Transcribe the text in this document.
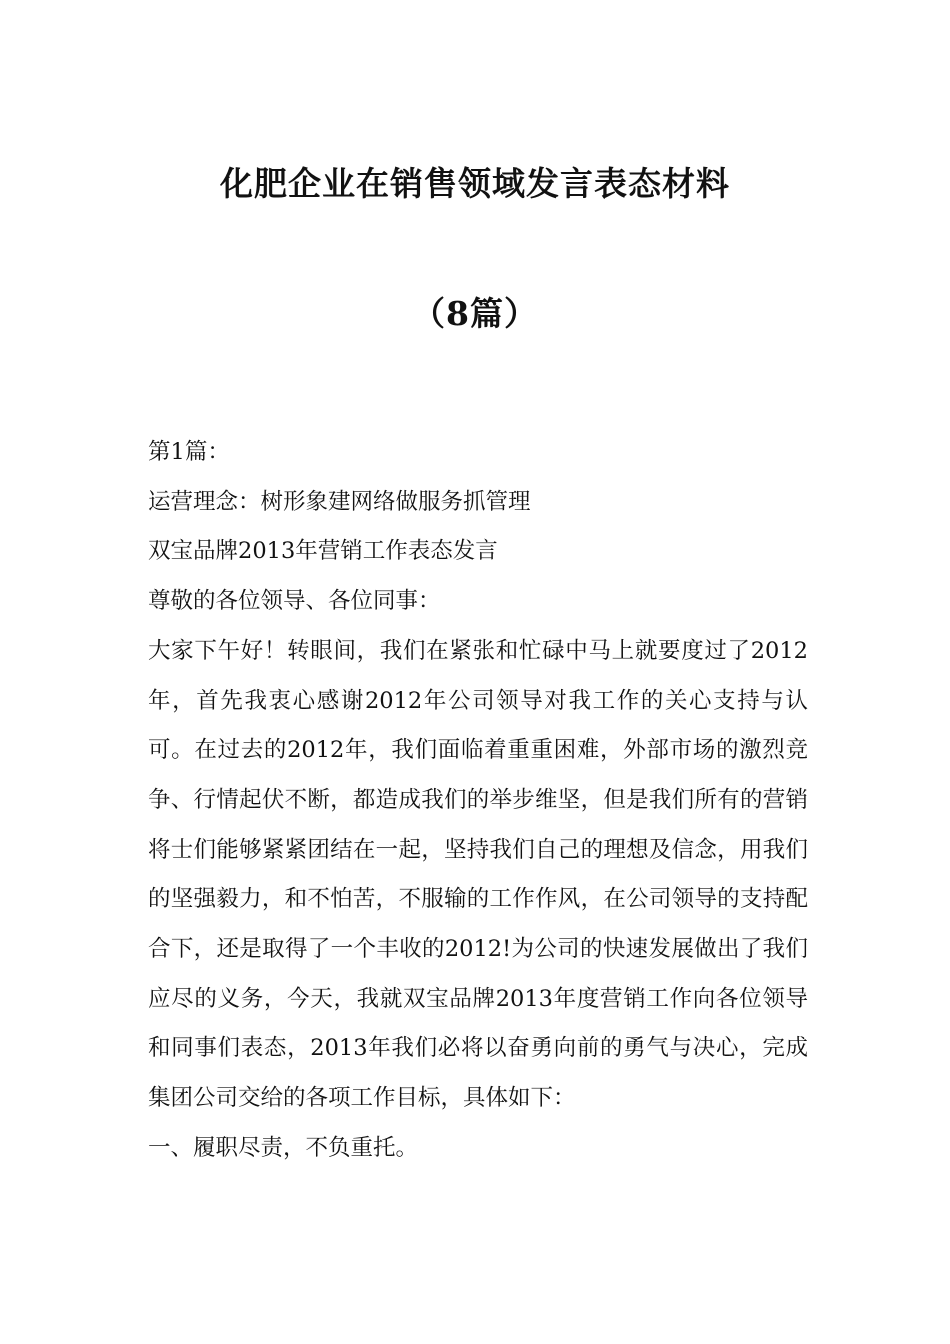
化肥企业在销售领域发言表态材料
（8篇）
第1篇：
运营理念：树形象建网络做服务抓管理
双宝品牌2013年营销工作表态发言
尊敬的各位领导、各位同事：
大家下午好！转眼间，我们在紧张和忙碌中马上就要度过了2012年，首先我衷心感谢2012年公司领导对我工作的关心支持与认可。在过去的2012年，我们面临着重重困难，外部市场的激烈竞争、行情起伏不断，都造成我们的举步维坚，但是我们所有的营销将士们能够紧紧团结在一起，坚持我们自己的理想及信念，用我们的坚强毅力，和不怕苦，不服输的工作作风，在公司领导的支持配合下，还是取得了一个丰收的2012!为公司的快速发展做出了我们应尽的义务，今天，我就双宝品牌2013年度营销工作向各位领导和同事们表态，2013年我们必将以奋勇向前的勇气与决心，完成集团公司交给的各项工作目标，具体如下：
一、履职尽责，不负重托。
